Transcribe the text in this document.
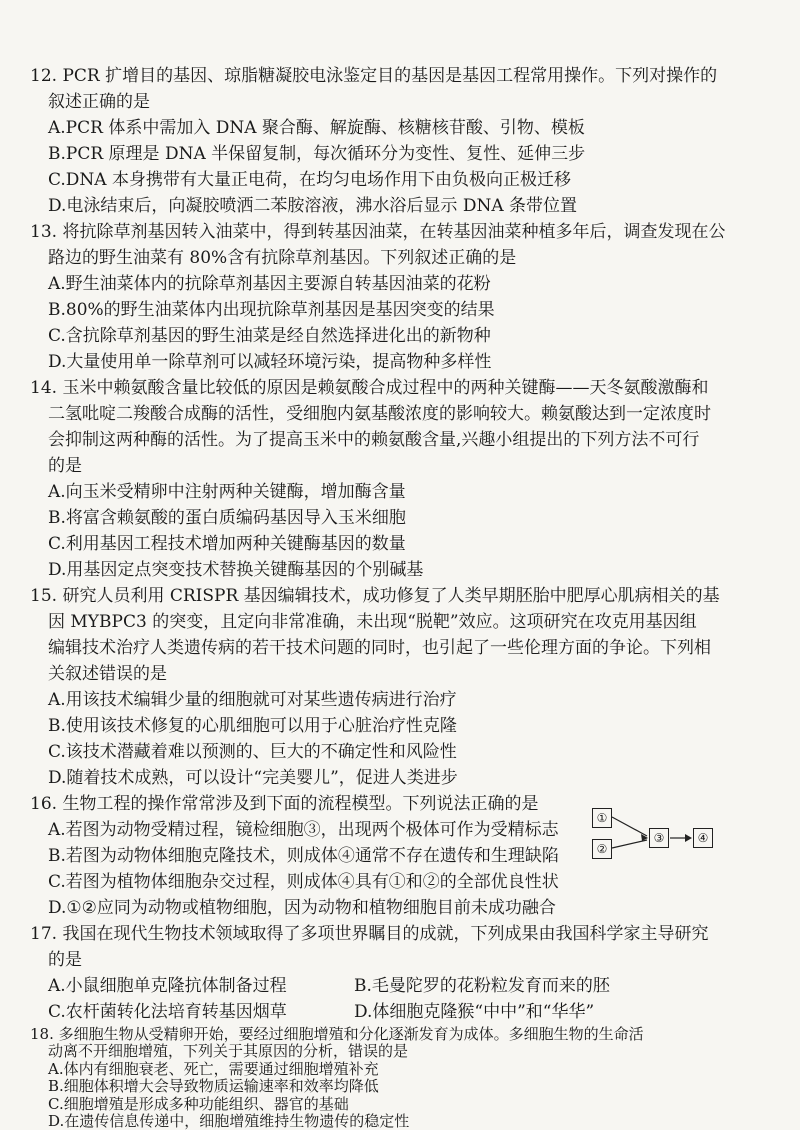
12. PCR 扩增目的基因、琼脂糖凝胶电泳鉴定目的基因是基因工程常用操作。下列对操作的
叙述正确的是
A.PCR 体系中需加入 DNA 聚合酶、解旋酶、核糖核苷酸、引物、模板
B.PCR 原理是 DNA 半保留复制，每次循环分为变性、复性、延伸三步
C.DNA 本身携带有大量正电荷，在均匀电场作用下由负极向正极迁移
D.电泳结束后，向凝胶喷洒二苯胺溶液，沸水浴后显示 DNA 条带位置
13. 将抗除草剂基因转入油菜中，得到转基因油菜，在转基因油菜种植多年后，调查发现在公
路边的野生油菜有 80%含有抗除草剂基因。下列叙述正确的是
A.野生油菜体内的抗除草剂基因主要源自转基因油菜的花粉
B.80%的野生油菜体内出现抗除草剂基因是基因突变的结果
C.含抗除草剂基因的野生油菜是经自然选择进化出的新物种
D.大量使用单一除草剂可以减轻环境污染，提高物种多样性
14. 玉米中赖氨酸含量比较低的原因是赖氨酸合成过程中的两种关键酶——天冬氨酸激酶和
二氢吡啶二羧酸合成酶的活性，受细胞内氨基酸浓度的影响较大。赖氨酸达到一定浓度时
会抑制这两种酶的活性。为了提高玉米中的赖氨酸含量,兴趣小组提出的下列方法不可行
的是
A.向玉米受精卵中注射两种关键酶，增加酶含量
B.将富含赖氨酸的蛋白质编码基因导入玉米细胞
C.利用基因工程技术增加两种关键酶基因的数量
D.用基因定点突变技术替换关键酶基因的个别碱基
15. 研究人员利用 CRISPR 基因编辑技术，成功修复了人类早期胚胎中肥厚心肌病相关的基
因 MYBPC3 的突变，且定向非常准确，未出现“脱靶”效应。这项研究在攻克用基因组
编辑技术治疗人类遗传病的若干技术问题的同时，也引起了一些伦理方面的争论。下列相
关叙述错误的是
A.用该技术编辑少量的细胞就可对某些遗传病进行治疗
B.使用该技术修复的心肌细胞可以用于心脏治疗性克隆
C.该技术潜藏着难以预测的、巨大的不确定性和风险性
D.随着技术成熟，可以设计“完美婴儿”，促进人类进步
16. 生物工程的操作常常涉及到下面的流程模型。下列说法正确的是
A.若图为动物受精过程，镜检细胞③，出现两个极体可作为受精标志
B.若图为动物体细胞克隆技术，则成体④通常不存在遗传和生理缺陷
C.若图为植物体细胞杂交过程，则成体④具有①和②的全部优良性状
D.①②应同为动物或植物细胞，因为动物和植物细胞目前未成功融合
①
②
③	④
17. 我国在现代生物技术领域取得了多项世界瞩目的成就，下列成果由我国科学家主导研究
的是
A.小鼠细胞单克隆抗体制备过程	B.毛曼陀罗的花粉粒发育而来的胚
C.农杆菌转化法培育转基因烟草	D.体细胞克隆猴“中中”和“华华”
18. 多细胞生物从受精卵开始，要经过细胞增殖和分化逐渐发育为成体。多细胞生物的生命活
动离不开细胞增殖，下列关于其原因的分析，错误的是
A.体内有细胞衰老、死亡，需要通过细胞增殖补充
B.细胞体积增大会导致物质运输速率和效率均降低
C.细胞增殖是形成多种功能组织、器官的基础
D.在遗传信息传递中，细胞增殖维持生物遗传的稳定性
